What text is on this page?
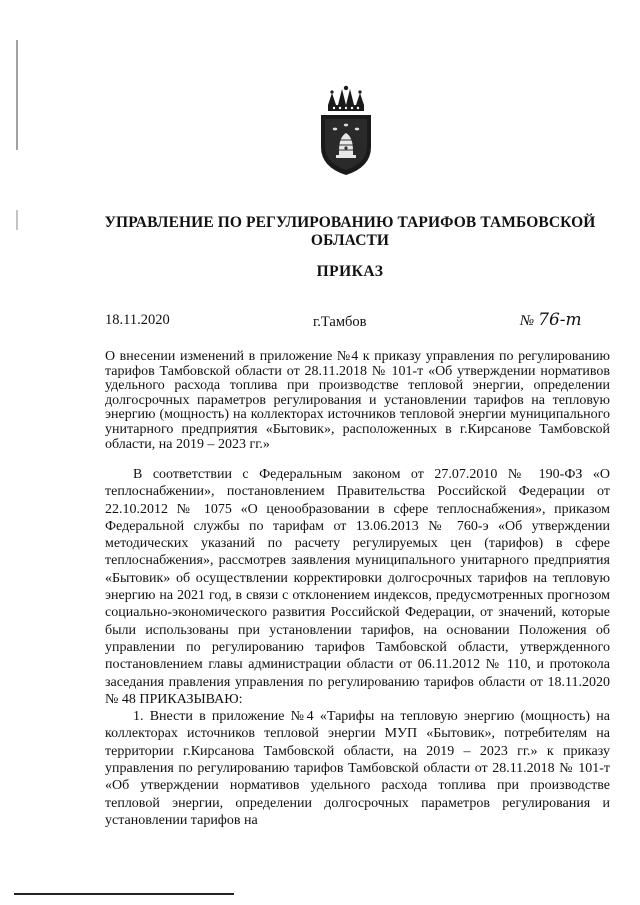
УПРАВЛЕНИЕ ПО РЕГУЛИРОВАНИЮ ТАРИФОВ ТАМБОВСКОЙ ОБЛАСТИ
ПРИКАЗ
18.11.2020	г.Тамбов	№ 76-т
О внесении изменений в приложение №4 к приказу управления по регулированию тарифов Тамбовской области от 28.11.2018 № 101-т «Об утверждении нормативов удельного расхода топлива при производстве тепловой энергии, определении долгосрочных параметров регулирования и установлении тарифов на тепловую энергию (мощность) на коллекторах источников тепловой энергии муниципального унитарного предприятия «Бытовик», расположенных в г.Кирсанове Тамбовской области, на 2019 – 2023 гг.»

В соответствии с Федеральным законом от 27.07.2010 № 190-ФЗ «О теплоснабжении», постановлением Правительства Российской Федерации от 22.10.2012 № 1075 «О ценообразовании в сфере теплоснабжения», приказом Федеральной службы по тарифам от 13.06.2013 № 760-э «Об утверждении методических указаний по расчету регулируемых цен (тарифов) в сфере теплоснабжения», рассмотрев заявления муниципального унитарного предприятия «Бытовик» об осуществлении корректировки долгосрочных тарифов на тепловую энергию на 2021 год, в связи с отклонением индексов, предусмотренных прогнозом социально-экономического развития Российской Федерации, от значений, которые были использованы при установлении тарифов, на основании Положения об управлении по регулированию тарифов Тамбовской области, утвержденного постановлением главы администрации области от 06.11.2012 № 110, и протокола заседания правления управления по регулированию тарифов области от 18.11.2020 № 48 ПРИКАЗЫВАЮ:

1. Внести в приложение №4 «Тарифы на тепловую энергию (мощность) на коллекторах источников тепловой энергии МУП «Бытовик», потребителям на территории г.Кирсанова Тамбовской области, на 2019 – 2023 гг.» к приказу управления по регулированию тарифов Тамбовской области от 28.11.2018 № 101-т «Об утверждении нормативов удельного расхода топлива при производстве тепловой энергии, определении долгосрочных параметров регулирования и установлении тарифов на
